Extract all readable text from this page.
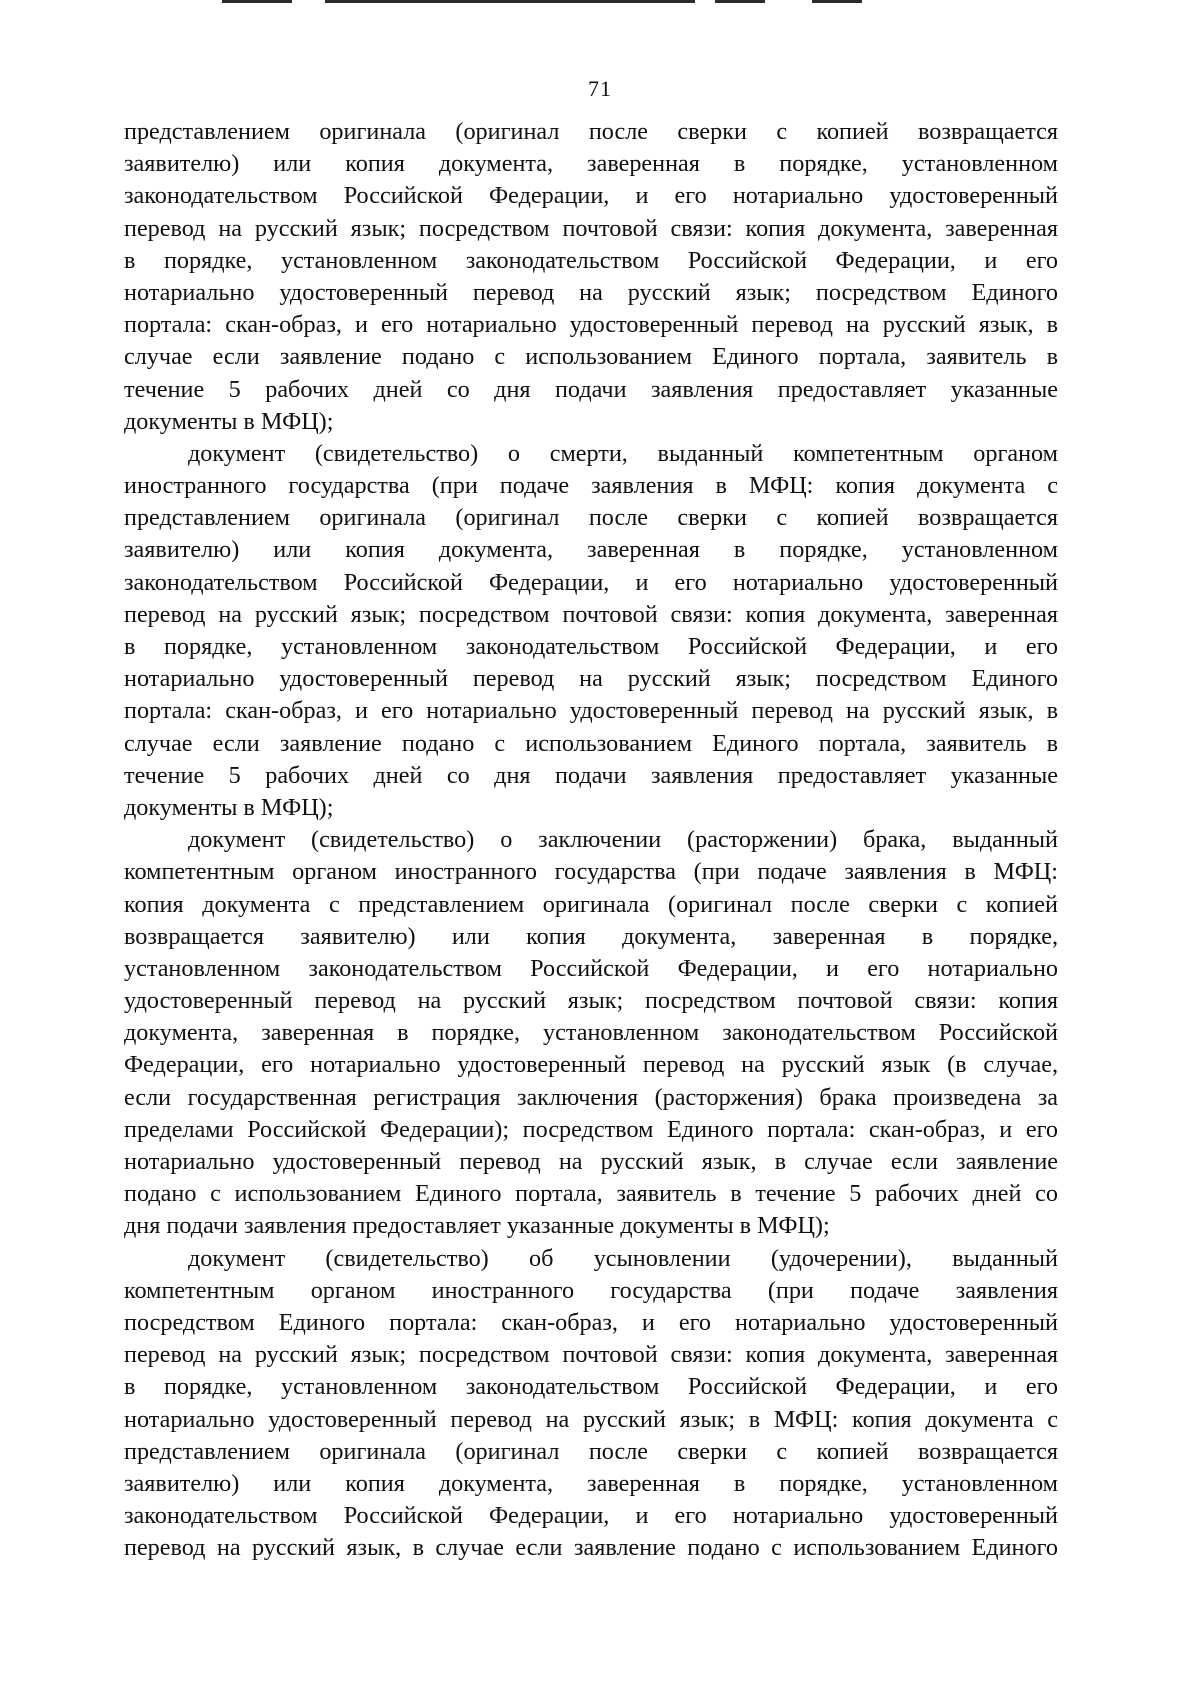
71
представлением оригинала (оригинал после сверки с копией возвращается
заявителю) или копия документа, заверенная в порядке, установленном
законодательством Российской Федерации, и его нотариально удостоверенный
перевод на русский язык; посредством почтовой связи: копия документа, заверенная
в порядке, установленном законодательством Российской Федерации, и его
нотариально удостоверенный перевод на русский язык; посредством Единого
портала: скан-образ, и его нотариально удостоверенный перевод на русский язык, в
случае если заявление подано с использованием Единого портала, заявитель в
течение 5 рабочих дней со дня подачи заявления предоставляет указанные
документы в МФЦ);
документ (свидетельство) о смерти, выданный компетентным органом
иностранного государства (при подаче заявления в МФЦ: копия документа с
представлением оригинала (оригинал после сверки с копией возвращается
заявителю) или копия документа, заверенная в порядке, установленном
законодательством Российской Федерации, и его нотариально удостоверенный
перевод на русский язык; посредством почтовой связи: копия документа, заверенная
в порядке, установленном законодательством Российской Федерации, и его
нотариально удостоверенный перевод на русский язык; посредством Единого
портала: скан-образ, и его нотариально удостоверенный перевод на русский язык, в
случае если заявление подано с использованием Единого портала, заявитель в
течение 5 рабочих дней со дня подачи заявления предоставляет указанные
документы в МФЦ);
документ (свидетельство) о заключении (расторжении) брака, выданный
компетентным органом иностранного государства (при подаче заявления в МФЦ:
копия документа с представлением оригинала (оригинал после сверки с копией
возвращается заявителю) или копия документа, заверенная в порядке,
установленном законодательством Российской Федерации, и его нотариально
удостоверенный перевод на русский язык; посредством почтовой связи: копия
документа, заверенная в порядке, установленном законодательством Российской
Федерации, его нотариально удостоверенный перевод на русский язык (в случае,
если государственная регистрация заключения (расторжения) брака произведена за
пределами Российской Федерации); посредством Единого портала: скан-образ, и его
нотариально удостоверенный перевод на русский язык, в случае если заявление
подано с использованием Единого портала, заявитель в течение 5 рабочих дней со
дня подачи заявления предоставляет указанные документы в МФЦ);
документ (свидетельство) об усыновлении (удочерении), выданный
компетентным органом иностранного государства (при подаче заявления
посредством Единого портала: скан-образ, и его нотариально удостоверенный
перевод на русский язык; посредством почтовой связи: копия документа, заверенная
в порядке, установленном законодательством Российской Федерации, и его
нотариально удостоверенный перевод на русский язык; в МФЦ: копия документа с
представлением оригинала (оригинал после сверки с копией возвращается
заявителю) или копия документа, заверенная в порядке, установленном
законодательством Российской Федерации, и его нотариально удостоверенный
перевод на русский язык, в случае если заявление подано с использованием Единого
